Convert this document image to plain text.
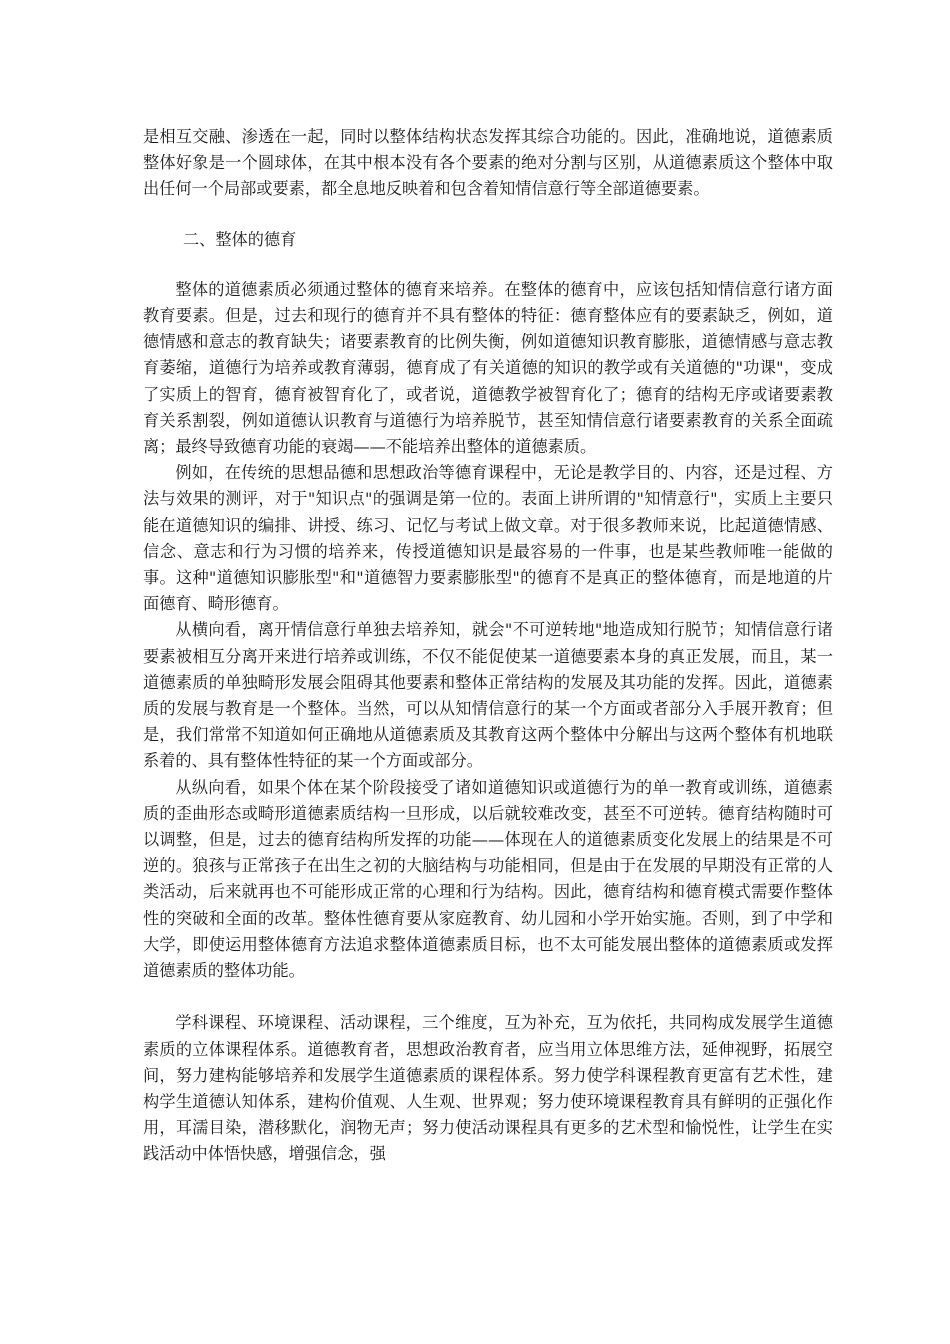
是相互交融、渗透在一起，同时以整体结构状态发挥其综合功能的。因此，准确地说，道德素质整体好象是一个圆球体，在其中根本没有各个要素的绝对分割与区别，从道德素质这个整体中取出任何一个局部或要素，都全息地反映着和包含着知情信意行等全部道德要素。

二、整体的德育

整体的道德素质必须通过整体的德育来培养。在整体的德育中，应该包括知情信意行诸方面教育要素。但是，过去和现行的德育并不具有整体的特征：德育整体应有的要素缺乏，例如，道德情感和意志的教育缺失；诸要素教育的比例失衡，例如道德知识教育膨胀，道德情感与意志教育萎缩，道德行为培养或教育薄弱，德育成了有关道德的知识的教学或有关道德的"功课"，变成了实质上的智育，德育被智育化了，或者说，道德教学被智育化了；德育的结构无序或诸要素教育关系割裂，例如道德认识教育与道德行为培养脱节，甚至知情信意行诸要素教育的关系全面疏离；最终导致德育功能的衰竭——不能培养出整体的道德素质。

例如，在传统的思想品德和思想政治等德育课程中，无论是教学目的、内容，还是过程、方法与效果的测评，对于"知识点"的强调是第一位的。表面上讲所谓的"知情意行"，实质上主要只能在道德知识的编排、讲授、练习、记忆与考试上做文章。对于很多教师来说，比起道德情感、信念、意志和行为习惯的培养来，传授道德知识是最容易的一件事，也是某些教师唯一能做的事。这种"道德知识膨胀型"和"道德智力要素膨胀型"的德育不是真正的整体德育，而是地道的片面德育、畸形德育。

从横向看，离开情信意行单独去培养知，就会"不可逆转地"地造成知行脱节；知情信意行诸要素被相互分离开来进行培养或训练，不仅不能促使某一道德要素本身的真正发展，而且，某一道德素质的单独畸形发展会阻碍其他要素和整体正常结构的发展及其功能的发挥。因此，道德素质的发展与教育是一个整体。当然，可以从知情信意行的某一个方面或者部分入手展开教育；但是，我们常常不知道如何正确地从道德素质及其教育这两个整体中分解出与这两个整体有机地联系着的、具有整体性特征的某一个方面或部分。

从纵向看，如果个体在某个阶段接受了诸如道德知识或道德行为的单一教育或训练，道德素质的歪曲形态或畸形道德素质结构一旦形成，以后就较难改变，甚至不可逆转。德育结构随时可以调整，但是，过去的德育结构所发挥的功能——体现在人的道德素质变化发展上的结果是不可逆的。狼孩与正常孩子在出生之初的大脑结构与功能相同，但是由于在发展的早期没有正常的人类活动，后来就再也不可能形成正常的心理和行为结构。因此，德育结构和德育模式需要作整体性的突破和全面的改革。整体性德育要从家庭教育、幼儿园和小学开始实施。否则，到了中学和大学，即使运用整体德育方法追求整体道德素质目标，也不太可能发展出整体的道德素质或发挥道德素质的整体功能。

学科课程、环境课程、活动课程，三个维度，互为补充，互为依托，共同构成发展学生道德素质的立体课程体系。道德教育者，思想政治教育者，应当用立体思维方法，延伸视野，拓展空间，努力建构能够培养和发展学生道德素质的课程体系。努力使学科课程教育更富有艺术性，建构学生道德认知体系，建构价值观、人生观、世界观；努力使环境课程教育具有鲜明的正强化作用，耳濡目染，潜移默化，润物无声；努力使活动课程具有更多的艺术型和愉悦性，让学生在实践活动中体悟快感，增强信念，强
